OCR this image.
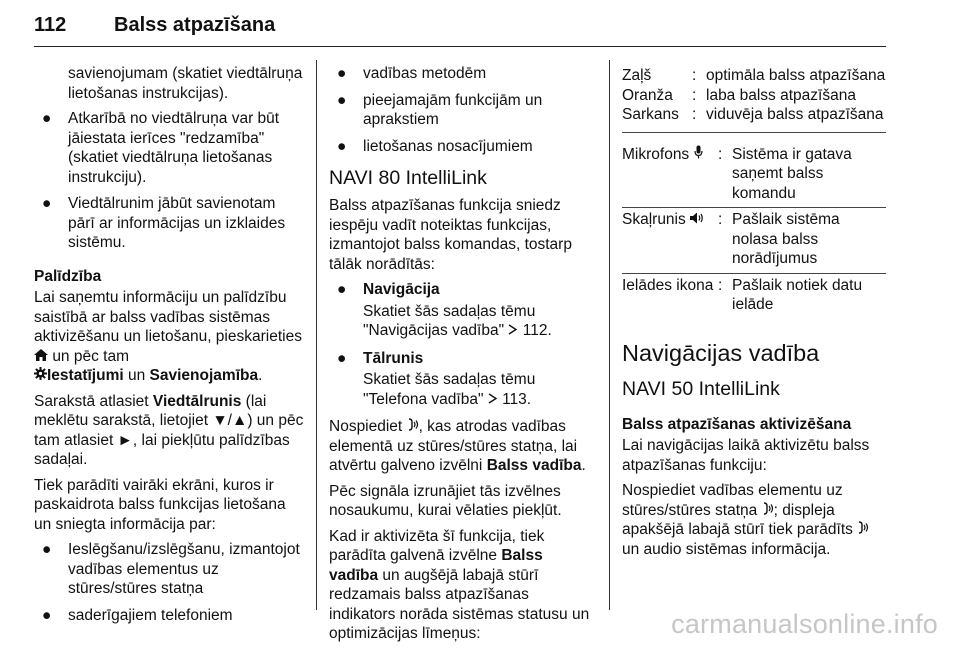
112 Balss atpazīšana

savienojumam (skatiet viedtālruņa lietošanas instrukcijas).

● Atkarībā no viedtālruņa var būt jāiestata ierīces "redzamība" (skatiet viedtālruņa lietošanas instrukciju).
● Viedtālrunim jābūt savienotam pārī ar informācijas un izklaides sistēmu.
Palīdzība

Lai saņemtu informāciju un palīdzību saistībā ar balss vadības sistēmas aktivizēšanu un lietošanu, pieskarieties  un pēc tam
Iestatījumi un Savienojamība.

Sarakstā atlasiet Viedtālrunis (lai meklētu sarakstā, lietojiet ▼/▲) un pēc tam atlasiet ►, lai piekļūtu palīdzības sadaļai.

Tiek parādīti vairāki ekrāni, kuros ir paskaidrota balss funkcijas lietošana un sniegta informācija par:

● Ieslēgšanu/izslēgšanu, izmantojot vadības elementus uz stūres/stūres statņa
● saderīgajiem telefoniem
● vadības metodēm
● pieejamajām funkcijām un aprakstiem
● lietošanas nosacījumiem
NAVI 80 IntelliLink

Balss atpazīšanas funkcija sniedz iespēju vadīt noteiktas funkcijas, izmantojot balss komandas, tostarp tālāk norādītās:

● Navigācija

Skatiet šās sadaļas tēmu "Navigācijas vadība" 112.

● Tālrunis

Skatiet šās sadaļas tēmu "Telefona vadība" 113.

Nospiediet , kas atrodas vadības elementā uz stūres/stūres statņa, lai atvērtu galveno izvēlni Balss vadība.

Pēc signāla izrunājiet tās izvēlnes nosaukumu, kurai vēlaties piekļūt.

Kad ir aktivizēta šī funkcija, tiek parādīta galvenā izvēlne Balss vadība un augšējā labajā stūrī redzamais balss atpazīšanas indikators norāda sistēmas statusu un optimizācijas līmeņus:

Zaļš	:	optimāla balss atpazīšana
Oranža	:	laba balss atpazīšana
Sarkans	:	viduvēja balss atpazīšana
Mikrofons	:	Sistēma ir gatava saņemt balss komandu
Skaļrunis	:	Pašlaik sistēma nolasa balss norādījumus
Ielādes ikona	:	Pašlaik notiek datu ielāde
Navigācijas vadība
NAVI 50 IntelliLink
Balss atpazīšanas aktivizēšana

Lai navigācijas laikā aktivizētu balss atpazīšanas funkciju:

Nospiediet vadības elementu uz stūres/stūres statņa ; displeja apakšējā labajā stūrī tiek parādīts  un audio sistēmas informācija.

carmanualsonline.info
